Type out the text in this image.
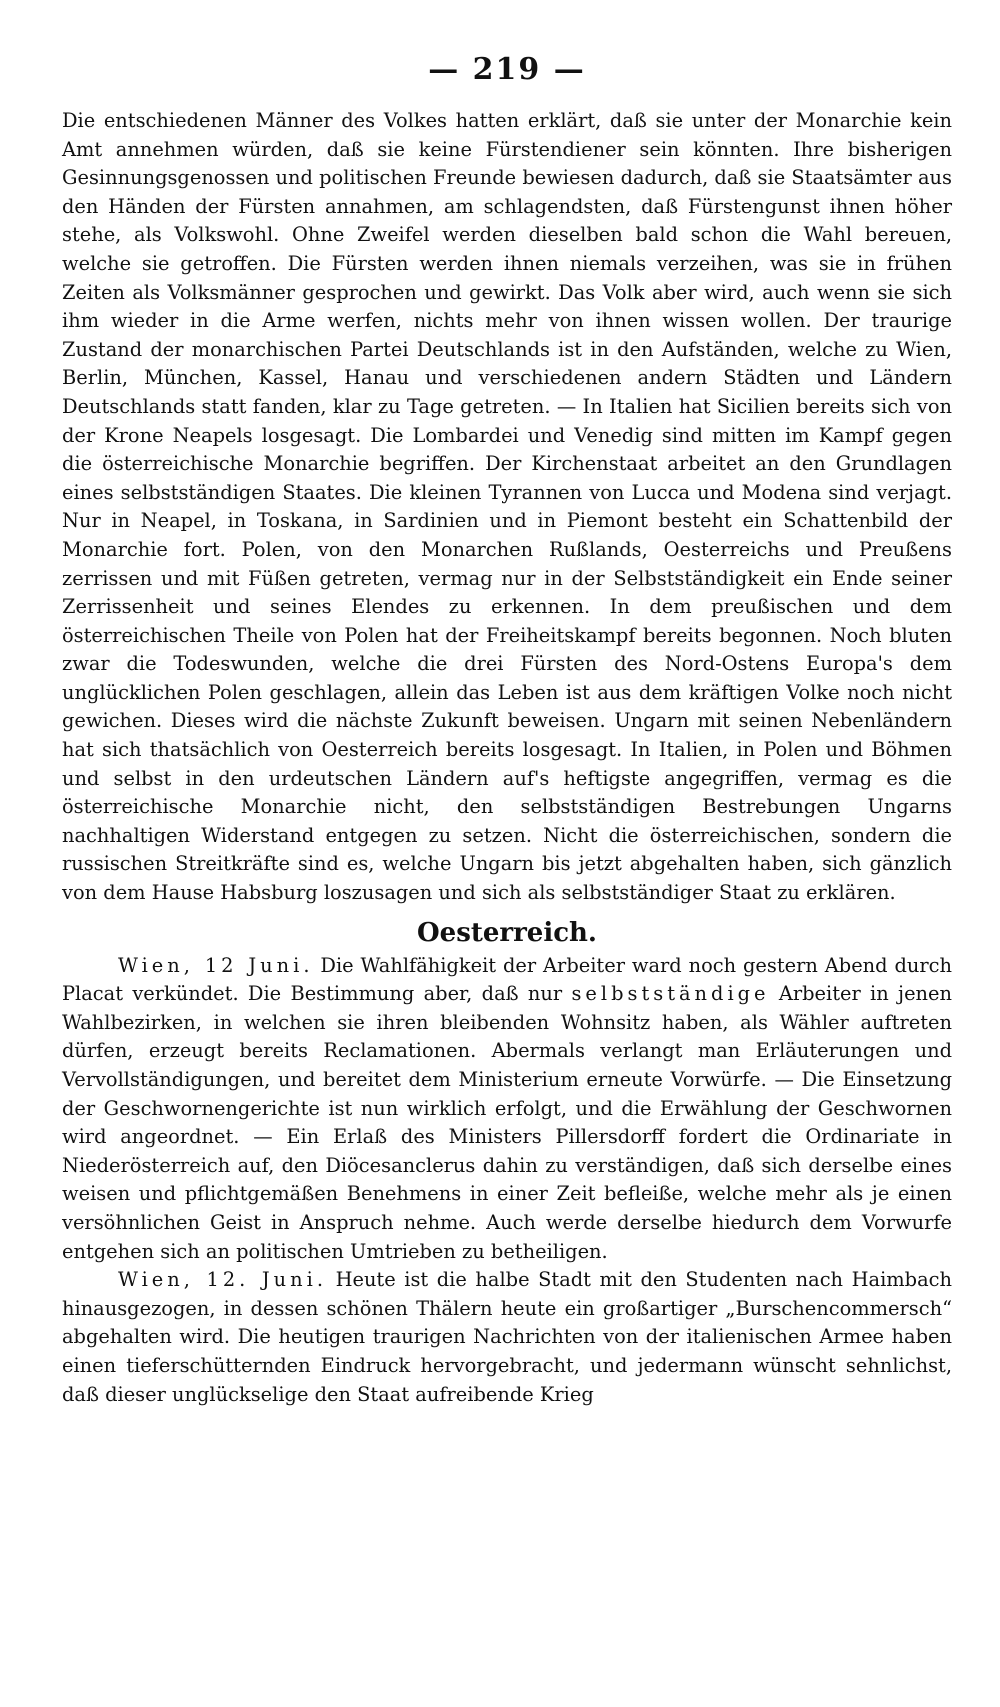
— 219 —

Die entschiedenen Männer des Volkes hatten erklärt, daß sie unter der Monarchie kein Amt annehmen würden, daß sie keine Fürstendiener sein könnten. Ihre bisherigen Gesinnungsgenossen und politischen Freunde bewiesen dadurch, daß sie Staatsämter aus den Händen der Fürsten annahmen, am schlagendsten, daß Fürstengunst ihnen höher stehe, als Volkswohl. Ohne Zweifel werden dieselben bald schon die Wahl bereuen, welche sie getroffen. Die Fürsten werden ihnen niemals verzeihen, was sie in frühen Zeiten als Volksmänner gesprochen und gewirkt. Das Volk aber wird, auch wenn sie sich ihm wieder in die Arme werfen, nichts mehr von ihnen wissen wollen. Der traurige Zustand der monarchischen Partei Deutschlands ist in den Aufständen, welche zu Wien, Berlin, München, Kassel, Hanau und verschiedenen andern Städten und Ländern Deutschlands statt fanden, klar zu Tage getreten. — In Italien hat Sicilien bereits sich von der Krone Neapels losgesagt. Die Lombardei und Venedig sind mitten im Kampf gegen die österreichische Monarchie begriffen. Der Kirchenstaat arbeitet an den Grundlagen eines selbstständigen Staates. Die kleinen Tyrannen von Lucca und Modena sind verjagt. Nur in Neapel, in Toskana, in Sardinien und in Piemont besteht ein Schattenbild der Monarchie fort. Polen, von den Monarchen Rußlands, Oesterreichs und Preußens zerrissen und mit Füßen getreten, vermag nur in der Selbstständigkeit ein Ende seiner Zerrissenheit und seines Elendes zu erkennen. In dem preußischen und dem österreichischen Theile von Polen hat der Freiheitskampf bereits begonnen. Noch bluten zwar die Todeswunden, welche die drei Fürsten des Nord-Ostens Europa's dem unglücklichen Polen geschlagen, allein das Leben ist aus dem kräftigen Volke noch nicht gewichen. Dieses wird die nächste Zukunft beweisen. Ungarn mit seinen Nebenländern hat sich thatsächlich von Oesterreich bereits losgesagt. In Italien, in Polen und Böhmen und selbst in den urdeutschen Ländern auf's heftigste angegriffen, vermag es die österreichische Monarchie nicht, den selbstständigen Bestrebungen Ungarns nachhaltigen Widerstand entgegen zu setzen. Nicht die österreichischen, sondern die russischen Streitkräfte sind es, welche Ungarn bis jetzt abgehalten haben, sich gänzlich von dem Hause Habsburg loszusagen und sich als selbstständiger Staat zu erklären.

Oesterreich.

Wien, 12 Juni. Die Wahlfähigkeit der Arbeiter ward noch gestern Abend durch Placat verkündet. Die Bestimmung aber, daß nur selbstständige Arbeiter in jenen Wahlbezirken, in welchen sie ihren bleibenden Wohnsitz haben, als Wähler auftreten dürfen, erzeugt bereits Reclamationen. Abermals verlangt man Erläuterungen und Vervollständigungen, und bereitet dem Ministerium erneute Vorwürfe. — Die Einsetzung der Geschwornengerichte ist nun wirklich erfolgt, und die Erwählung der Geschwornen wird angeordnet. — Ein Erlaß des Ministers Pillersdorff fordert die Ordinariate in Niederösterreich auf, den Diöcesanclerus dahin zu verständigen, daß sich derselbe eines weisen und pflichtgemäßen Benehmens in einer Zeit befleiße, welche mehr als je einen versöhnlichen Geist in Anspruch nehme. Auch werde derselbe hiedurch dem Vorwurfe entgehen sich an politischen Umtrieben zu betheiligen.

Wien, 12. Juni. Heute ist die halbe Stadt mit den Studenten nach Haimbach hinausgezogen, in dessen schönen Thälern heute ein großartiger „Burschencommersch“ abgehalten wird. Die heutigen traurigen Nachrichten von der italienischen Armee haben einen tieferschütternden Eindruck hervorgebracht, und jedermann wünscht sehnlichst, daß dieser unglückselige den Staat aufreibende Krieg
